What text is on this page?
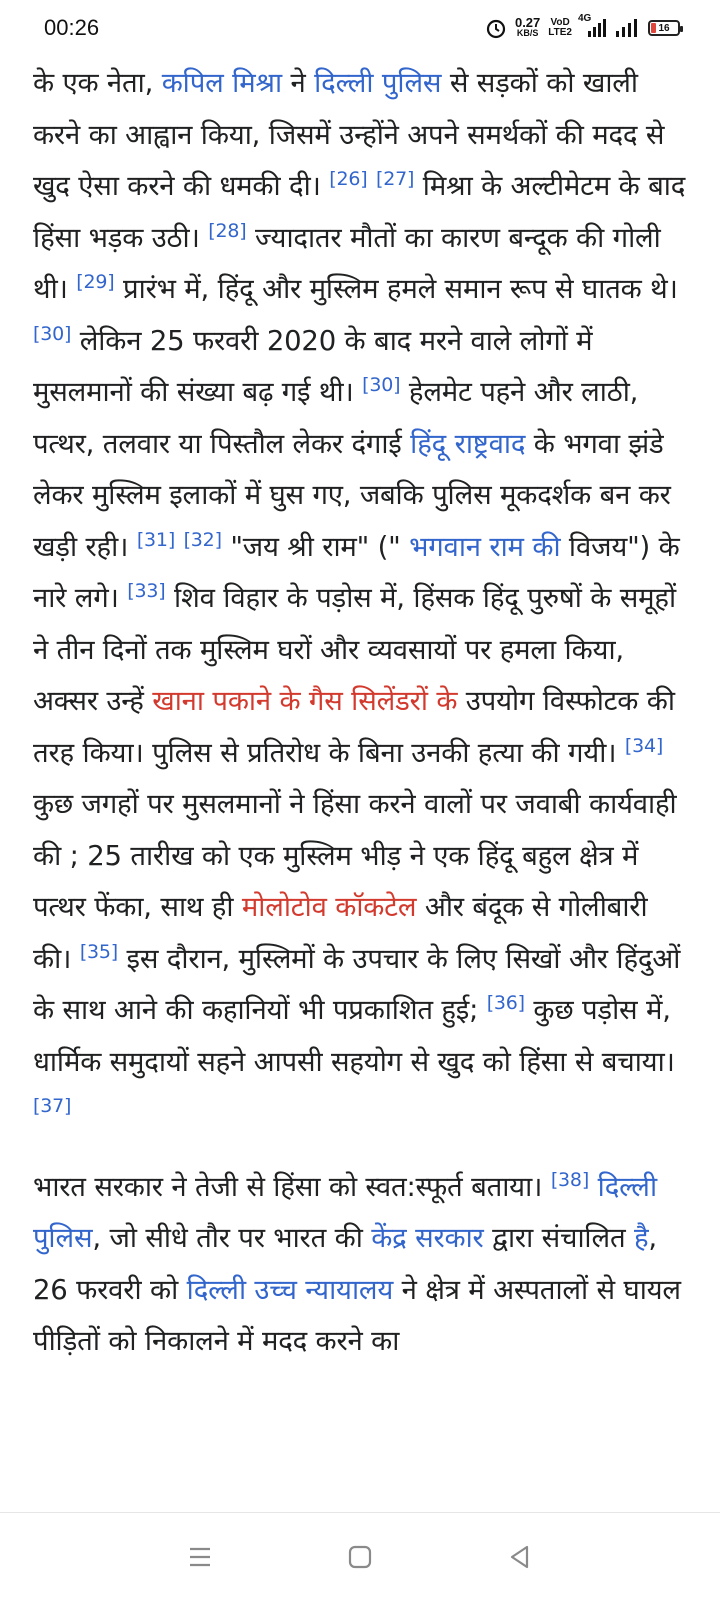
00:26	0.27
KB/S
VoD
LTE2
4G
16

के एक नेता, कपिल मिश्रा ने दिल्ली पुलिस से सड़कों को खाली करने का आह्वान किया, जिसमें उन्होंने अपने समर्थकों की मदद से खुद ऐसा करने की धमकी दी। [26] [27] मिश्रा के अल्टीमेटम के बाद हिंसा भड़क उठी। [28] ज्यादातर मौतों का कारण बन्दूक की गोली थी। [29] प्रारंभ में, हिंदू और मुस्लिम हमले समान रूप से घातक थे। [30] लेकिन 25 फरवरी 2020 के बाद मरने वाले लोगों में मुसलमानों की संख्या बढ़ गई थी। [30] हेलमेट पहने और लाठी, पत्थर, तलवार या पिस्तौल लेकर दंगाई हिंदू राष्ट्रवाद के भगवा झंडे लेकर मुस्लिम इलाकों में घुस गए, जबकि पुलिस मूकदर्शक बन कर खड़ी रही। [31] [32] "जय श्री राम" (" भगवान राम की विजय") के नारे लगे। [33] शिव विहार के पड़ोस में, हिंसक हिंदू पुरुषों के समूहों ने तीन दिनों तक मुस्लिम घरों और व्यवसायों पर हमला किया, अक्सर उन्हें खाना पकाने के गैस सिलेंडरों के उपयोग विस्फोटक की तरह किया। पुलिस से प्रतिरोध के बिना उनकी हत्या की गयी। [34] कुछ जगहों पर मुसलमानों ने हिंसा करने वालों पर जवाबी कार्यवाही की ; 25 तारीख को एक मुस्लिम भीड़ ने एक हिंदू बहुल क्षेत्र में पत्थर फेंका, साथ ही मोलोटोव कॉकटेल और बंदूक से गोलीबारी की। [35] इस दौरान, मुस्लिमों के उपचार के लिए सिखों और हिंदुओं के साथ आने की कहानियों भी पप्रकाशित हुई; [36] कुछ पड़ोस में, धार्मिक समुदायों सहने आपसी सहयोग से खुद को हिंसा से बचाया। [37]

भारत सरकार ने तेजी से हिंसा को स्वत:स्फूर्त बताया। [38] दिल्ली पुलिस, जो सीधे तौर पर भारत की केंद्र सरकार द्वारा संचालित है, 26 फरवरी को दिल्ली उच्च न्यायालय ने क्षेत्र में अस्पतालों से घायल पीड़ितों को निकालने में मदद करने का
